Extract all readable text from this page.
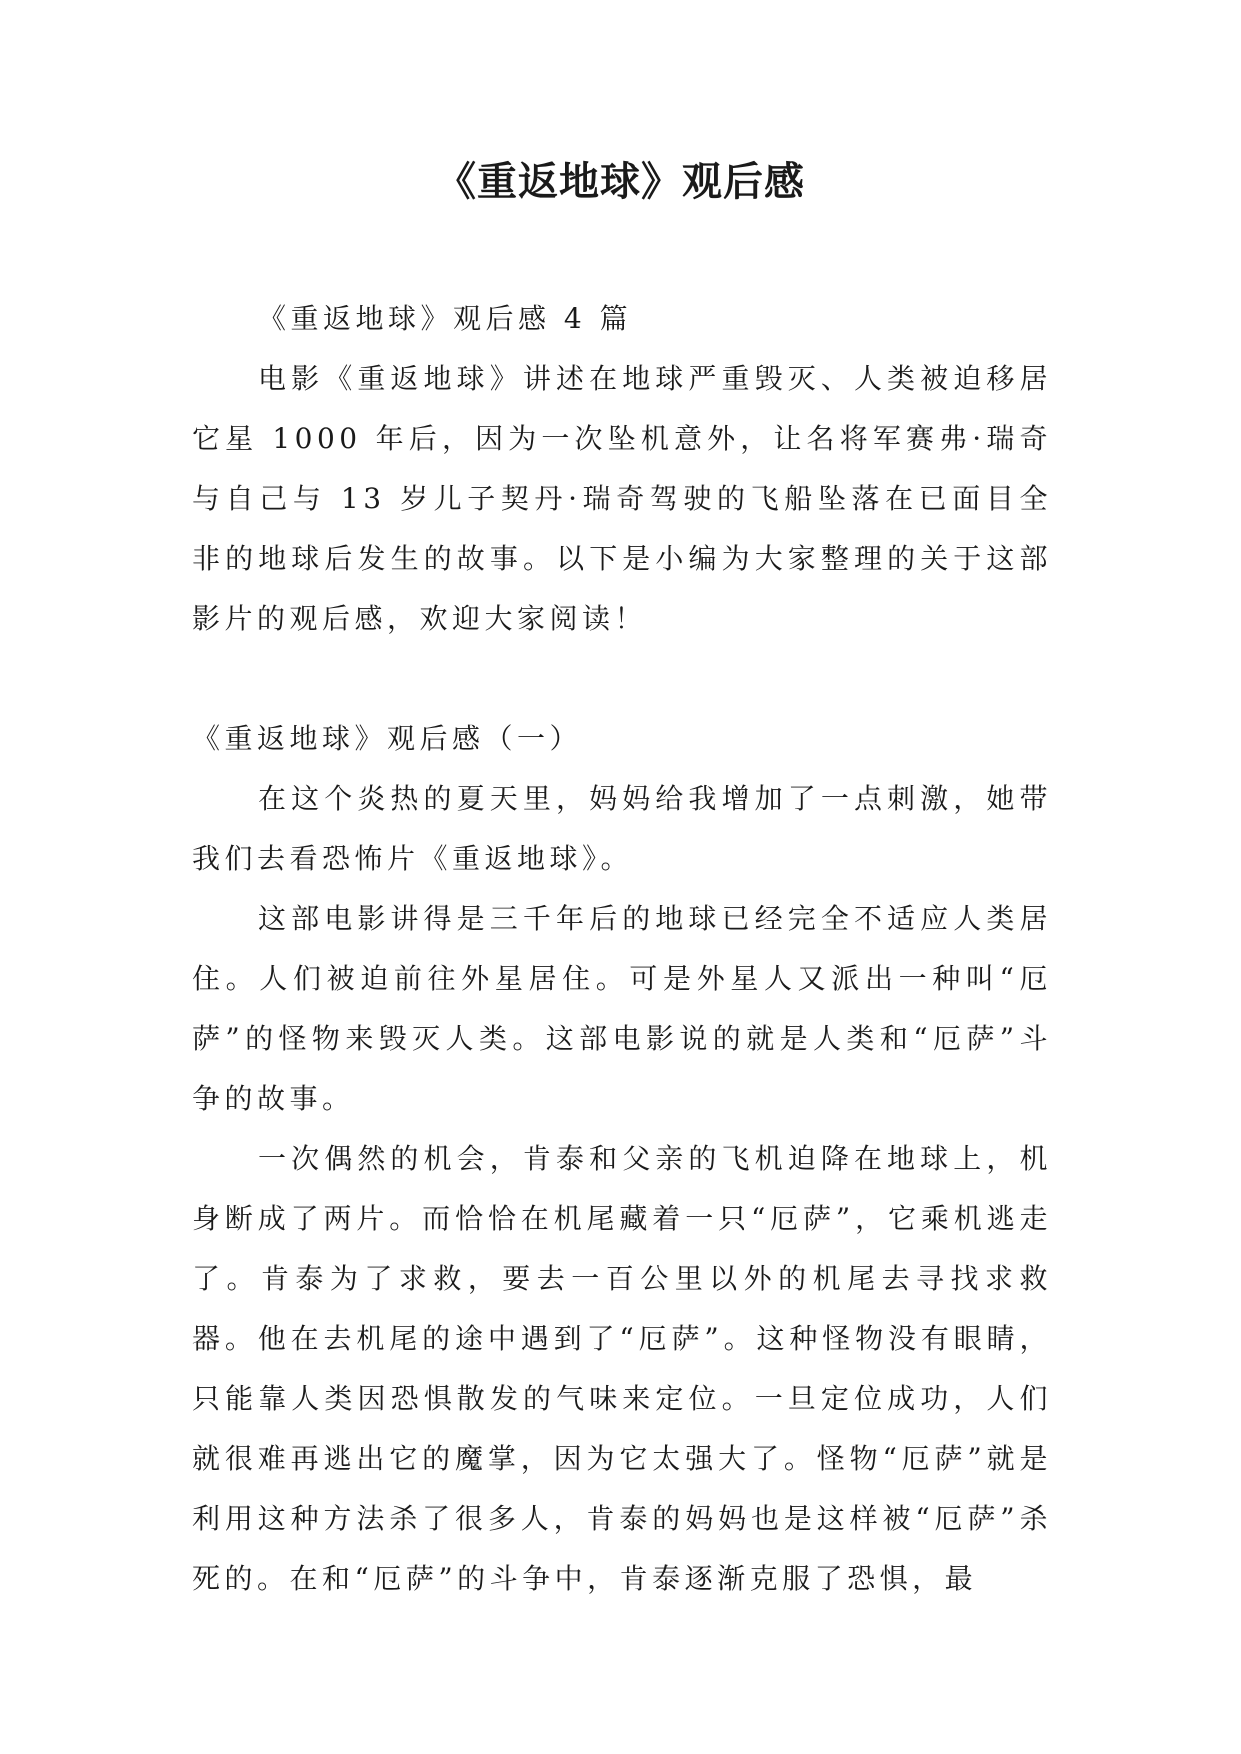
《重返地球》观后感

《重返地球》观后感 4 篇

电影《重返地球》讲述在地球严重毁灭、人类被迫移居它星 1000 年后，因为一次坠机意外，让名将军赛弗·瑞奇与自己与 13 岁儿子契丹·瑞奇驾驶的飞船坠落在已面目全非的地球后发生的故事。以下是小编为大家整理的关于这部影片的观后感，欢迎大家阅读！

《重返地球》观后感（一）

在这个炎热的夏天里，妈妈给我增加了一点刺激，她带我们去看恐怖片《重返地球》。

这部电影讲得是三千年后的地球已经完全不适应人类居住。人们被迫前往外星居住。可是外星人又派出一种叫“厄萨”的怪物来毁灭人类。这部电影说的就是人类和“厄萨”斗争的故事。

一次偶然的机会，肯泰和父亲的飞机迫降在地球上，机身断成了两片。而恰恰在机尾藏着一只“厄萨”，它乘机逃走了。肯泰为了求救，要去一百公里以外的机尾去寻找求救器。他在去机尾的途中遇到了“厄萨”。这种怪物没有眼睛，只能靠人类因恐惧散发的气味来定位。一旦定位成功，人们就很难再逃出它的魔掌，因为它太强大了。怪物“厄萨”就是利用这种方法杀了很多人，肯泰的妈妈也是这样被“厄萨”杀死的。在和“厄萨”的斗争中，肯泰逐渐克服了恐惧，最
